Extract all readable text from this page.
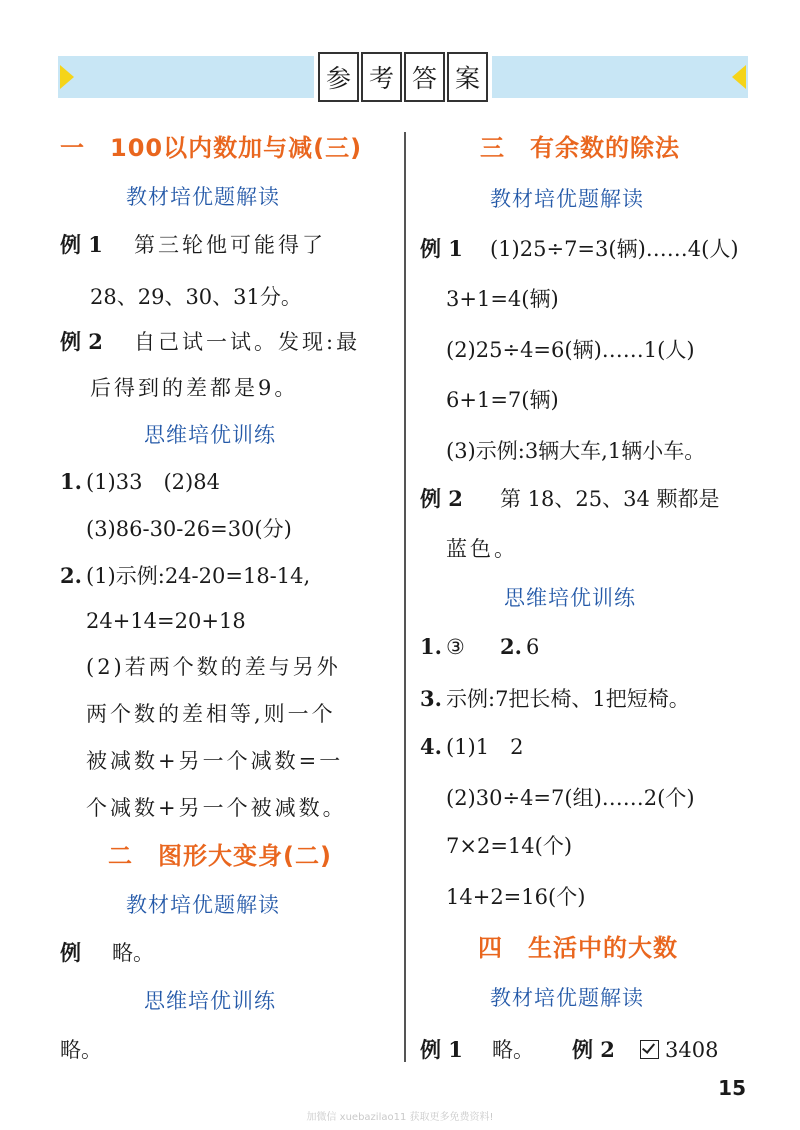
参 考 答 案
一　100以内数加与减(三)
教材培优题解读
例 1 第三轮他可能得了
28、29、30、31分。
例 2 自己试一试。发现:最
后得到的差都是9。
思维培优训练
1. (1)33　(2)84
(3)86-30-26=30(分)
2. (1)示例:24-20=18-14,
24+14=20+18
(2)若两个数的差与另外
两个数的差相等,则一个
被减数+另一个减数=一
个减数+另一个被减数。
二　图形大变身(二)
教材培优题解读
例 略。
思维培优训练
略。
三　有余数的除法
教材培优题解读
例 1 (1)25÷7=3(辆)……4(人)
3+1=4(辆)
(2)25÷4=6(辆)……1(人)
6+1=7(辆)
(3)示例:3辆大车,1辆小车。
例 2 第 18、25、34 颗都是
蓝色。
思维培优训练
1. ③ 2. 6
3. 示例:7把长椅、1把短椅。
4. (1)1　2
(2)30÷4=7(组)……2(个)
7×2=14(个)
14+2=16(个)
四　生活中的大数
教材培优题解读
例 1 略。 例 2	3408
15
加微信 xuebazilao11 获取更多免费资料!
